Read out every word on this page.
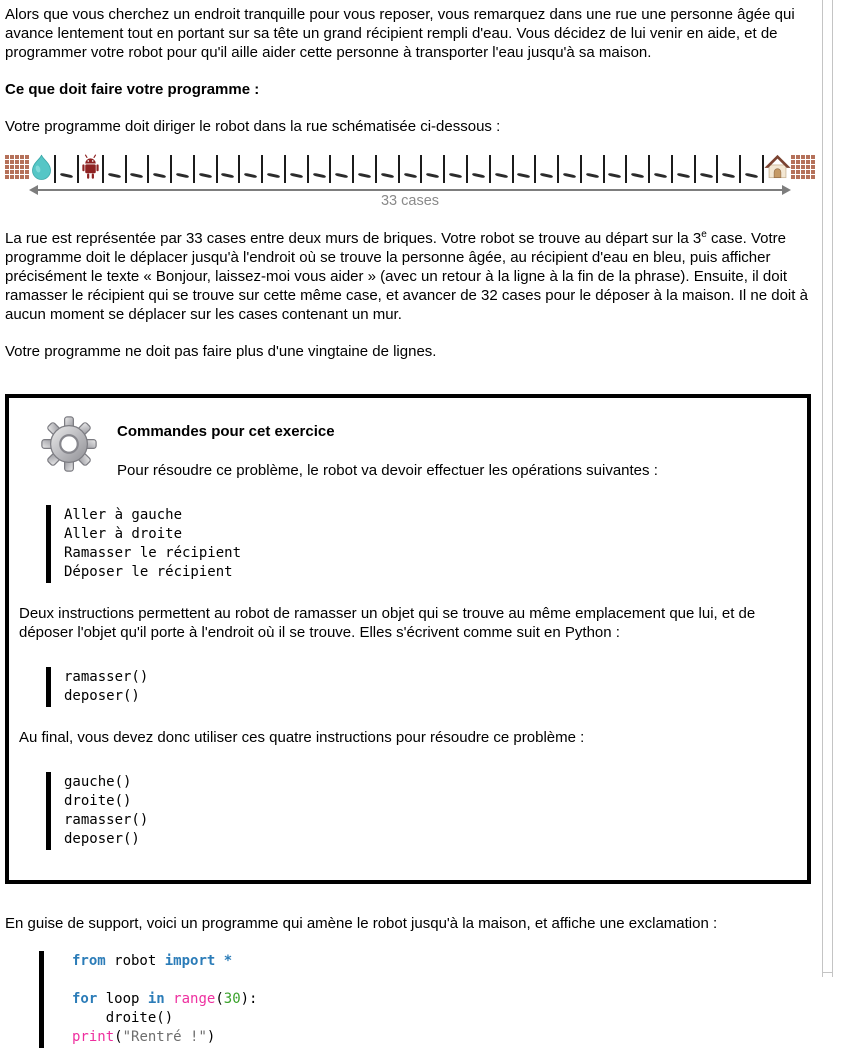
Alors que vous cherchez un endroit tranquille pour vous reposer, vous remarquez dans une rue une personne âgée qui avance lentement tout en portant sur sa tête un grand récipient rempli d'eau. Vous décidez de lui venir en aide, et de programmer votre robot pour qu'il aille aider cette personne à transporter l'eau jusqu'à sa maison.

Ce que doit faire votre programme :

Votre programme doit diriger le robot dans la rue schématisée ci-dessous :

33 cases

La rue est représentée par 33 cases entre deux murs de briques. Votre robot se trouve au départ sur la 3e case. Votre programme doit le déplacer jusqu'à l'endroit où se trouve la personne âgée, au récipient d'eau en bleu, puis afficher précisément le texte « Bonjour, laissez-moi vous aider » (avec un retour à la ligne à la fin de la phrase). Ensuite, il doit ramasser le récipient qui se trouve sur cette même case, et avancer de 32 cases pour le déposer à la maison. Il ne doit à aucun moment se déplacer sur les cases contenant un mur.

Votre programme ne doit pas faire plus d'une vingtaine de lignes.

Commandes pour cet exercice

Pour résoudre ce problème, le robot va devoir effectuer les opérations suivantes :

Aller à gauche
Aller à droite
Ramasser le récipient
Déposer le récipient

Deux instructions permettent au robot de ramasser un objet qui se trouve au même emplacement que lui, et de déposer l'objet qu'il porte à l'endroit où il se trouve. Elles s'écrivent comme suit en Python :

ramasser()
deposer()

Au final, vous devez donc utiliser ces quatre instructions pour résoudre ce problème :

gauche()
droite()
ramasser()
deposer()

En guise de support, voici un programme qui amène le robot jusqu'à la maison, et affiche une exclamation :

from robot import *

for loop in range(30):
droite()
print("Rentré !")
